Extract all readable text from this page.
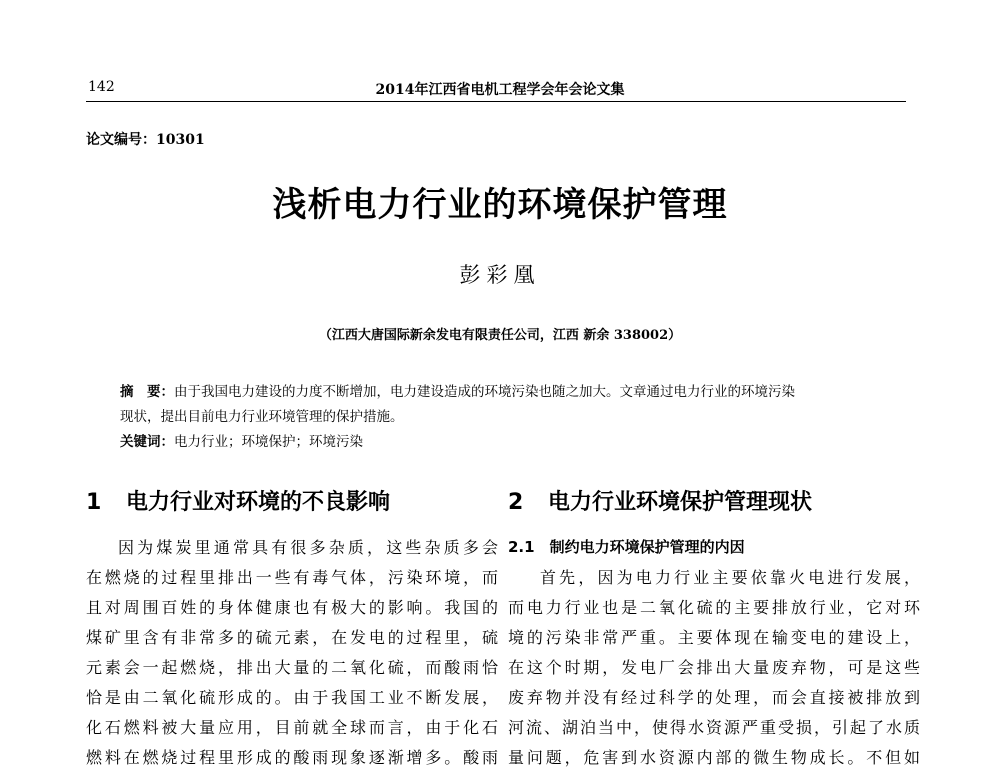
142	2014年江西省电机工程学会年会论文集
论文编号：10301
浅析电力行业的环境保护管理
彭彩凰
（江西大唐国际新余发电有限责任公司，江西 新余 338002）
摘　要：由于我国电力建设的力度不断增加，电力建设造成的环境污染也随之加大。文章通过电力行业的环境污染
现状，提出目前电力行业环境管理的保护措施。
关键词：电力行业；环境保护；环境污染
1 电力行业对环境的不良影响
因为煤炭里通常具有很多杂质，这些杂质多会
在燃烧的过程里排出一些有毒气体，污染环境，而
且对周围百姓的身体健康也有极大的影响。我国的
煤矿里含有非常多的硫元素，在发电的过程里，硫
元素会一起燃烧，排出大量的二氧化硫，而酸雨恰
恰是由二氧化硫形成的。由于我国工业不断发展，
化石燃料被大量应用，目前就全球而言，由于化石
燃料在燃烧过程里形成的酸雨现象逐渐增多。酸雨
2 电力行业环境保护管理现状
2.1　制约电力环境保护管理的内因
首先，因为电力行业主要依靠火电进行发展，
而电力行业也是二氧化硫的主要排放行业，它对环
境的污染非常严重。主要体现在输变电的建设上，
在这个时期，发电厂会排出大量废弃物，可是这些
废弃物并没有经过科学的处理，而会直接被排放到
河流、湖泊当中，使得水资源严重受损，引起了水质
量问题，危害到水资源内部的微生物成长。不但如
